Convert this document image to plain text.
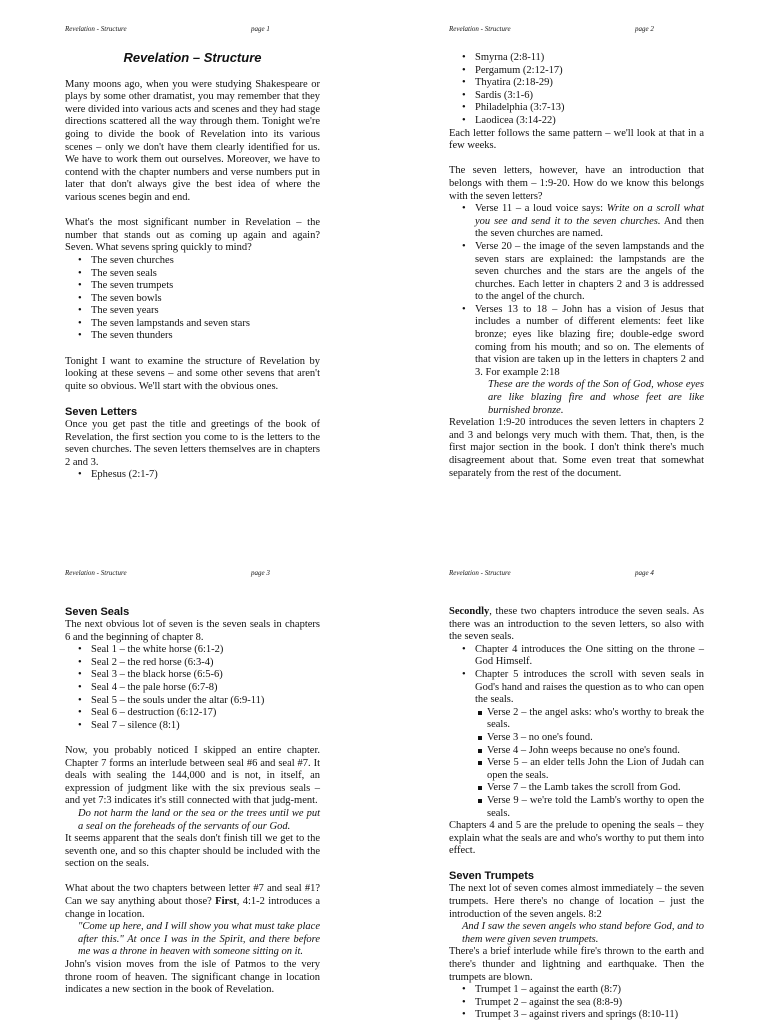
Revelation - Structure	page 1
Revelation – Structure

Many moons ago, when you were studying Shakespeare or plays by some other dramatist, you may remember that they were divided into various acts and scenes and they had stage directions scattered all the way through them. Tonight we're going to divide the book of Revelation into its various scenes – only we don't have them clearly identified for us. We have to work them out ourselves. Moreover, we have to contend with the chapter numbers and verse numbers put in later that don't always give the best idea of where the various scenes begin and end.

What's the most significant number in Revelation – the number that stands out as coming up again and again? Seven. What sevens spring quickly to mind?

• The seven churches
• The seven seals
• The seven trumpets
• The seven bowls
• The seven years
• The seven lampstands and seven stars
• The seven thunders

Tonight I want to examine the structure of Revelation by looking at these sevens – and some other sevens that aren't quite so obvious. We'll start with the obvious ones.

Seven Letters

Once you get past the title and greetings of the book of Revelation, the first section you come to is the letters to the seven churches. The seven letters themselves are in chapters 2 and 3.

• Ephesus (2:1-7)
Revelation - Structure	page 2
• Smyrna (2:8-11)
• Pergamum (2:12-17)
• Thyatira (2:18-29)
• Sardis (3:1-6)
• Philadelphia (3:7-13)
• Laodicea (3:14-22)

Each letter follows the same pattern – we'll look at that in a few weeks.

The seven letters, however, have an introduction that belongs with them – 1:9-20. How do we know this belongs with the seven letters?

• Verse 11 – a loud voice says: Write on a scroll what you see and send it to the seven churches. And then the seven churches are named.
• Verse 20 – the image of the seven lampstands and the seven stars are explained: the lampstands are the seven churches and the stars are the angels of the churches. Each letter in chapters 2 and 3 is addressed to the angel of the church.
• Verses 13 to 18 – John has a vision of Jesus that includes a number of different elements: feet like bronze; eyes like blazing fire; double-edge sword coming from his mouth; and so on. The elements of that vision are taken up in the letters in chapters 2 and 3. For example 2:18
These are the words of the Son of God, whose eyes are like blazing fire and whose feet are like burnished bronze.

Revelation 1:9-20 introduces the seven letters in chapters 2 and 3 and belongs very much with them. That, then, is the first major section in the book. I don't think there's much disagreement about that. Some even treat that somewhat separately from the rest of the document.

Revelation - Structure	page 3
Seven Seals

The next obvious lot of seven is the seven seals in chapters 6 and the beginning of chapter 8.

• Seal 1 – the white horse (6:1-2)
• Seal 2 – the red horse (6:3-4)
• Seal 3 – the black horse (6:5-6)
• Seal 4 – the pale horse (6:7-8)
• Seal 5 – the souls under the altar (6:9-11)
• Seal 6 – destruction (6:12-17)
• Seal 7 – silence (8:1)

Now, you probably noticed I skipped an entire chapter. Chapter 7 forms an interlude between seal #6 and seal #7. It deals with sealing the 144,000 and is not, in itself, an expression of judgment like with the six previous seals – and yet 7:3 indicates it's still connected with that judg-ment.

Do not harm the land or the sea or the trees until we put a seal on the foreheads of the servants of our God.

It seems apparent that the seals don't finish till we get to the seventh one, and so this chapter should be included with the section on the seals.

What about the two chapters between letter #7 and seal #1? Can we say anything about those? First, 4:1-2 introduces a change in location.

"Come up here, and I will show you what must take place after this." At once I was in the Spirit, and there before me was a throne in heaven with someone sitting on it.

John's vision moves from the isle of Patmos to the very throne room of heaven. The significant change in location indicates a new section in the book of Revelation.

Revelation - Structure	page 4

Secondly, these two chapters introduce the seven seals. As there was an introduction to the seven letters, so also with the seven seals.

• Chapter 4 introduces the One sitting on the throne – God Himself.
• Chapter 5 introduces the scroll with seven seals in God's hand and raises the question as to who can open the seals.
Verse 2 – the angel asks: who's worthy to break the seals.
Verse 3 – no one's found.
Verse 4 – John weeps because no one's found.
Verse 5 – an elder tells John the Lion of Judah can open the seals.
Verse 7 – the Lamb takes the scroll from God.
Verse 9 – we're told the Lamb's worthy to open the seals.

Chapters 4 and 5 are the prelude to opening the seals – they explain what the seals are and who's worthy to put them into effect.

Seven Trumpets

The next lot of seven comes almost immediately – the seven trumpets. Here there's no change of location – just the introduction of the seven angels. 8:2

And I saw the seven angels who stand before God, and to them were given seven trumpets.

There's a brief interlude while fire's thrown to the earth and there's thunder and lightning and earthquake. Then the trumpets are blown.

• Trumpet 1 – against the earth (8:7)
• Trumpet 2 – against the sea (8:8-9)
• Trumpet 3 – against rivers and springs (8:10-11)
